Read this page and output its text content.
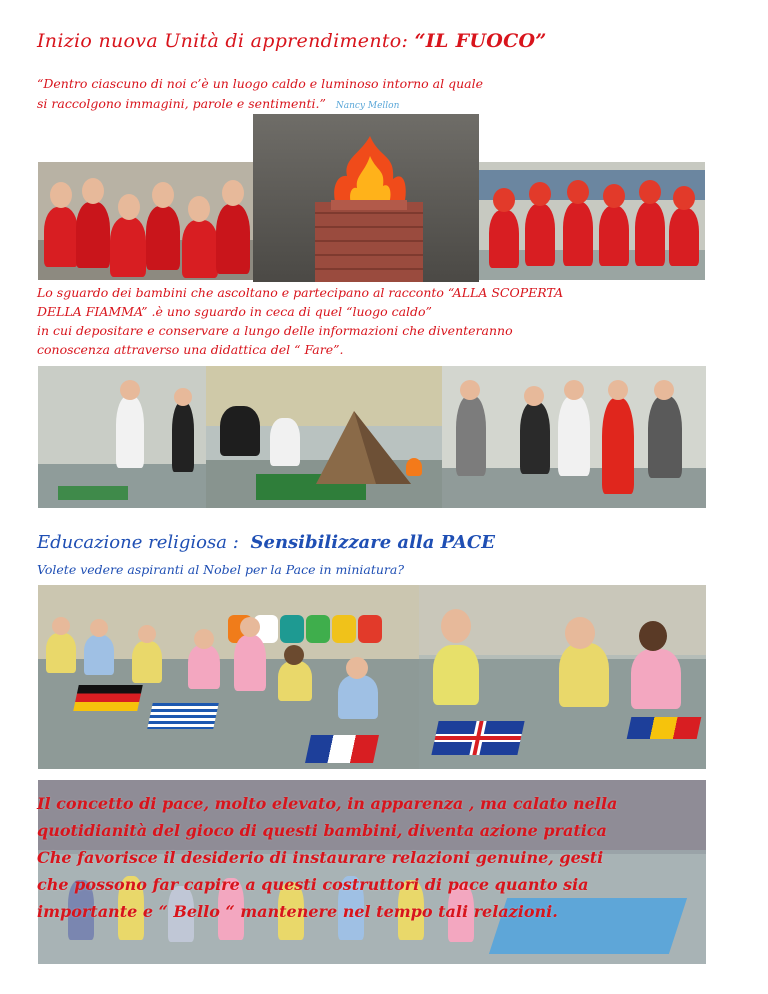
Inizio nuova Unità di apprendimento: “IL FUOCO”
“Dentro ciascuno di noi c’è un luogo caldo e luminoso intorno al quale
si raccolgono immagini, parole e sentimenti.” Nancy Mellon
Lo sguardo dei bambini che ascoltano e partecipano al racconto “ALLA SCOPERTA
DELLA FIAMMA” .è uno sguardo in ceca di quel “luogo caldo”
in cui depositare e conservare a lungo delle informazioni che diventeranno
conoscenza attraverso una didattica del “ Fare”.
Educazione religiosa : Sensibilizzare alla PACE
Volete vedere aspiranti al Nobel per la Pace in miniatura?
Il concetto di pace, molto elevato, in apparenza , ma calato nella
quotidianità del gioco di questi bambini, diventa azione pratica
Che favorisce il desiderio di instaurare relazioni genuine, gesti
che possono far capire a questi costruttori di pace quanto sia
importante e “ Bello “ mantenere nel tempo tali relazioni.
